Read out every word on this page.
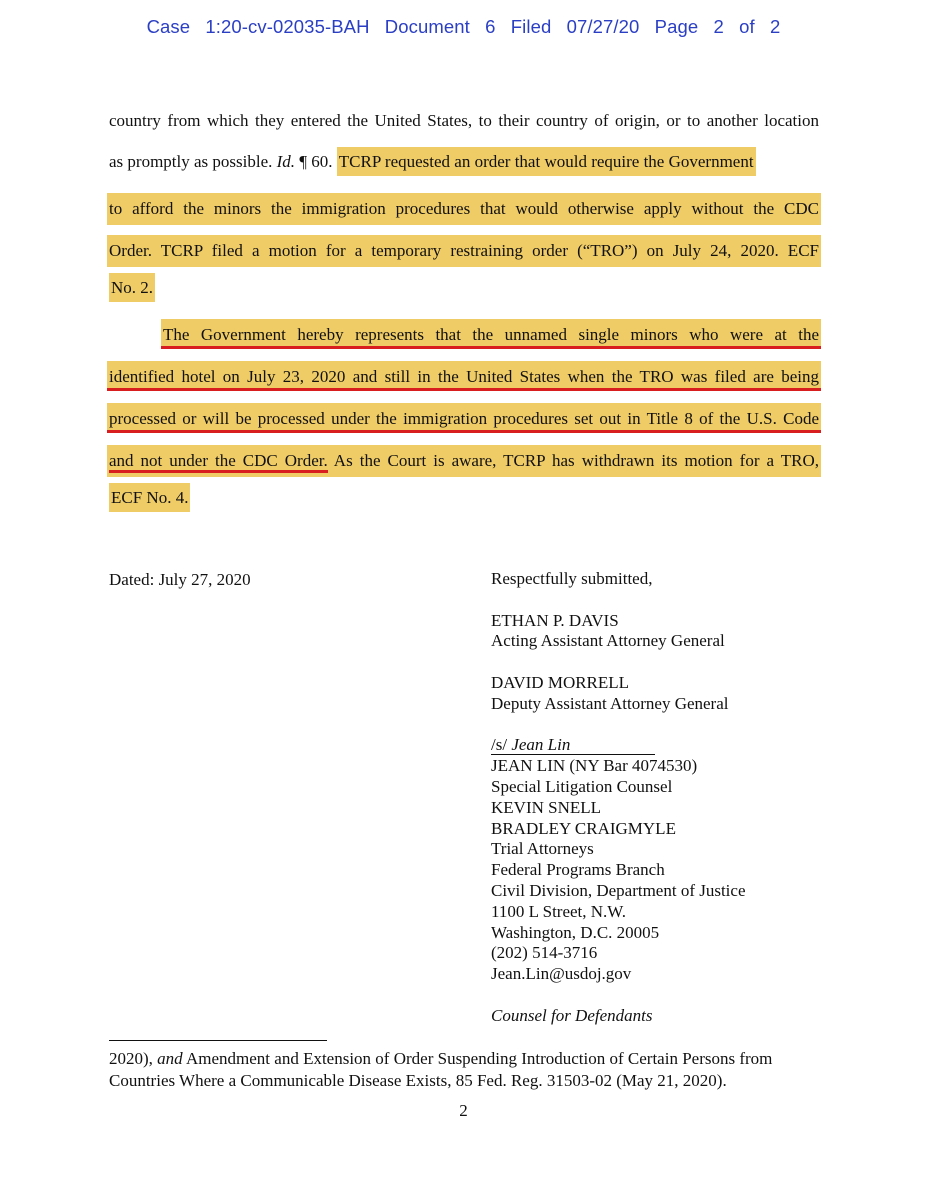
Case 1:20-cv-02035-BAH Document 6 Filed 07/27/20 Page 2 of 2
country from which they entered the United States, to their country of origin, or to another location
as promptly as possible. Id. ¶ 60. TCRP requested an order that would require the Government
to afford the minors the immigration procedures that would otherwise apply without the CDC
Order. TCRP filed a motion for a temporary restraining order (“TRO”) on July 24, 2020. ECF
No. 2.
The Government hereby represents that the unnamed single minors who were at the
identified hotel on July 23, 2020 and still in the United States when the TRO was filed are being
processed or will be processed under the immigration procedures set out in Title 8 of the U.S. Code
and not under the CDC Order. As the Court is aware, TCRP has withdrawn its motion for a TRO,
ECF No. 4.
Dated: July 27, 2020	Respectfully submitted,
ETHAN P. DAVIS
Acting Assistant Attorney General
DAVID MORRELL
Deputy Assistant Attorney General
/s/ Jean Lin
JEAN LIN (NY Bar 4074530)
Special Litigation Counsel
KEVIN SNELL
BRADLEY CRAIGMYLE
Trial Attorneys
Federal Programs Branch
Civil Division, Department of Justice
1100 L Street, N.W.
Washington, D.C. 20005
(202) 514-3716
Jean.Lin@usdoj.gov
Counsel for Defendants
2020), and Amendment and Extension of Order Suspending Introduction of Certain Persons from
Countries Where a Communicable Disease Exists, 85 Fed. Reg. 31503-02 (May 21, 2020).
2
